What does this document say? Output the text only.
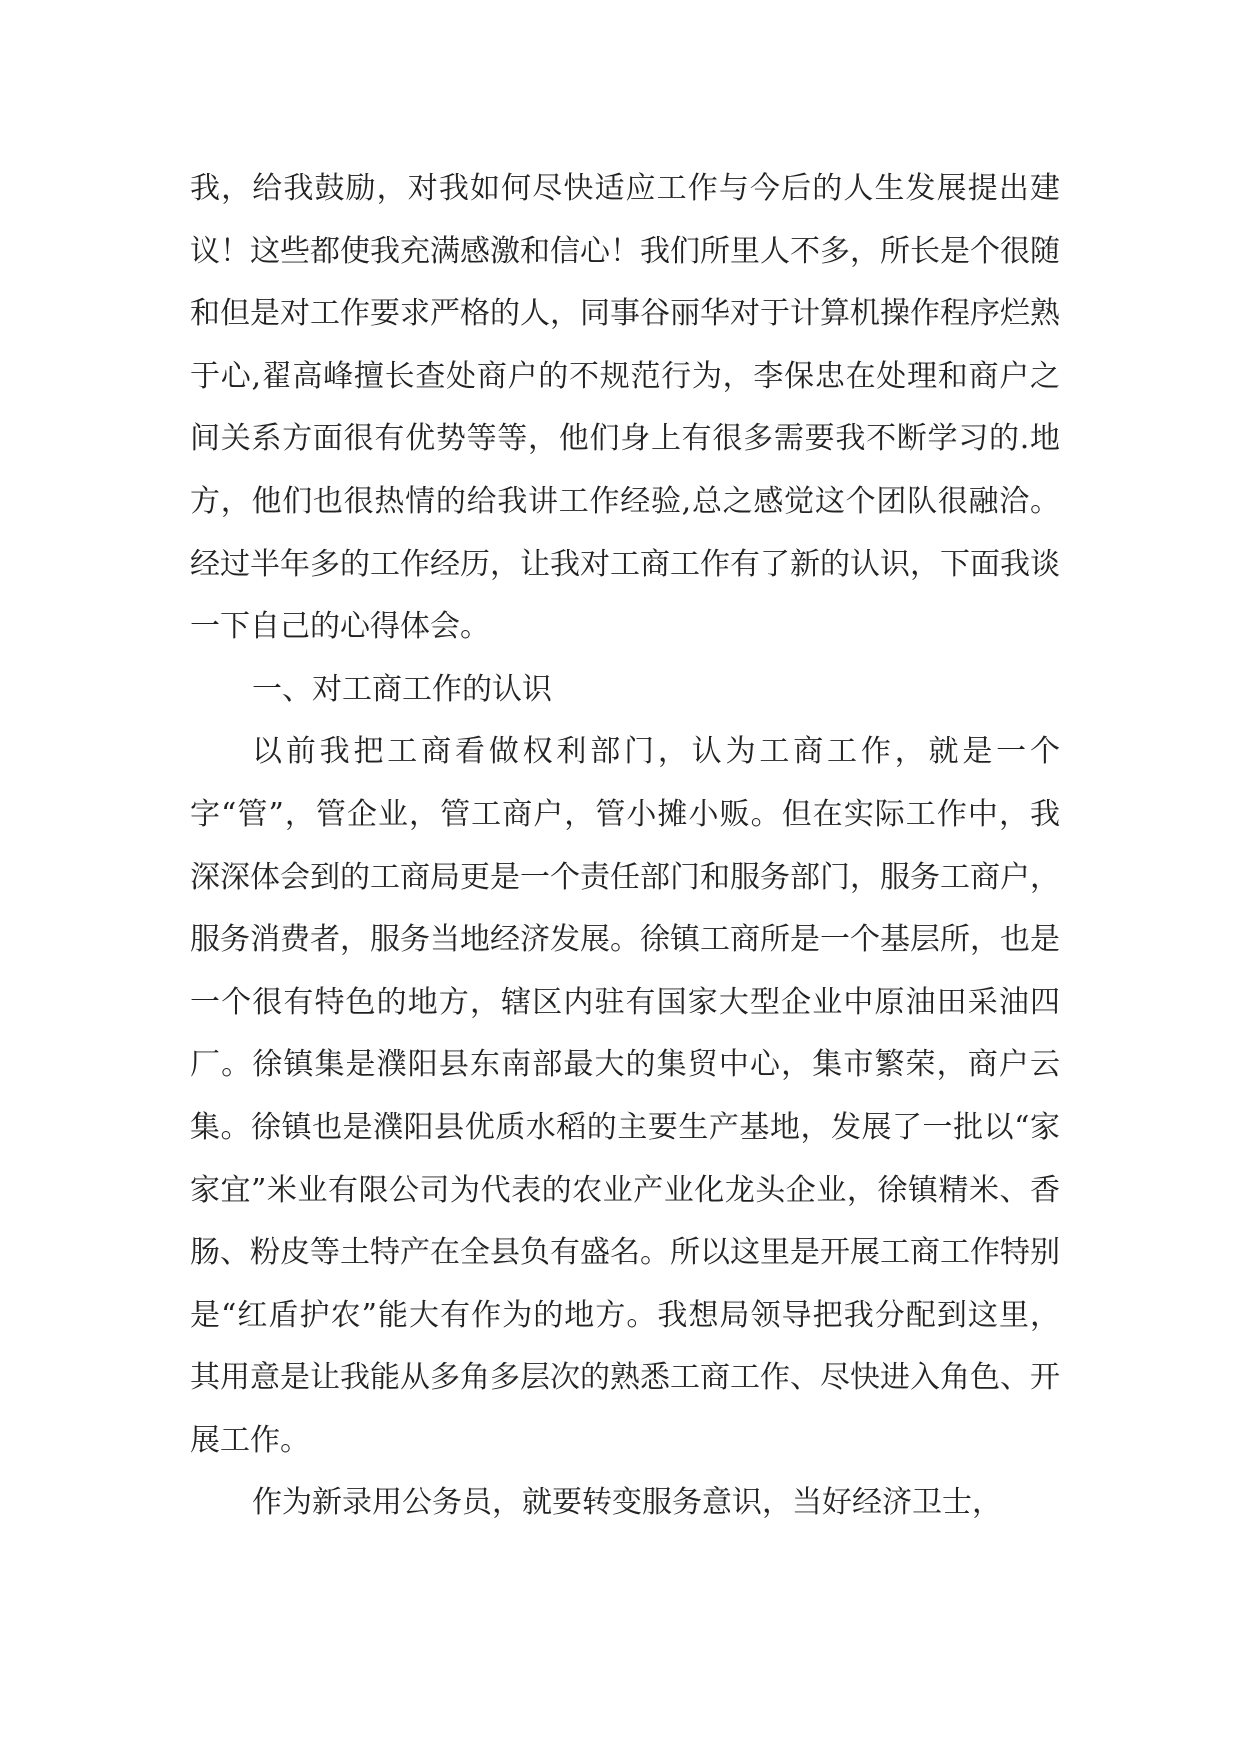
我，给我鼓励，对我如何尽快适应工作与今后的人生发展提出建议！这些都使我充满感激和信心！我们所里人不多，所长是个很随和但是对工作要求严格的人，同事谷丽华对于计算机操作程序烂熟于心,翟高峰擅长查处商户的不规范行为，李保忠在处理和商户之间关系方面很有优势等等，他们身上有很多需要我不断学习的.地方，他们也很热情的给我讲工作经验,总之感觉这个团队很融洽。经过半年多的工作经历，让我对工商工作有了新的认识，下面我谈一下自己的心得体会。

一、对工商工作的认识

以前我把工商看做权利部门，认为工商工作，就是一个字“管”，管企业，管工商户，管小摊小贩。但在实际工作中，我深深体会到的工商局更是一个责任部门和服务部门，服务工商户，服务消费者，服务当地经济发展。徐镇工商所是一个基层所，也是一个很有特色的地方，辖区内驻有国家大型企业中原油田采油四厂。徐镇集是濮阳县东南部最大的集贸中心，集市繁荣，商户云集。徐镇也是濮阳县优质水稻的主要生产基地，发展了一批以“家家宜”米业有限公司为代表的农业产业化龙头企业，徐镇精米、香肠、粉皮等土特产在全县负有盛名。所以这里是开展工商工作特别是“红盾护农”能大有作为的地方。我想局领导把我分配到这里，其用意是让我能从多角多层次的熟悉工商工作、尽快进入角色、开展工作。

作为新录用公务员，就要转变服务意识，当好经济卫士，
